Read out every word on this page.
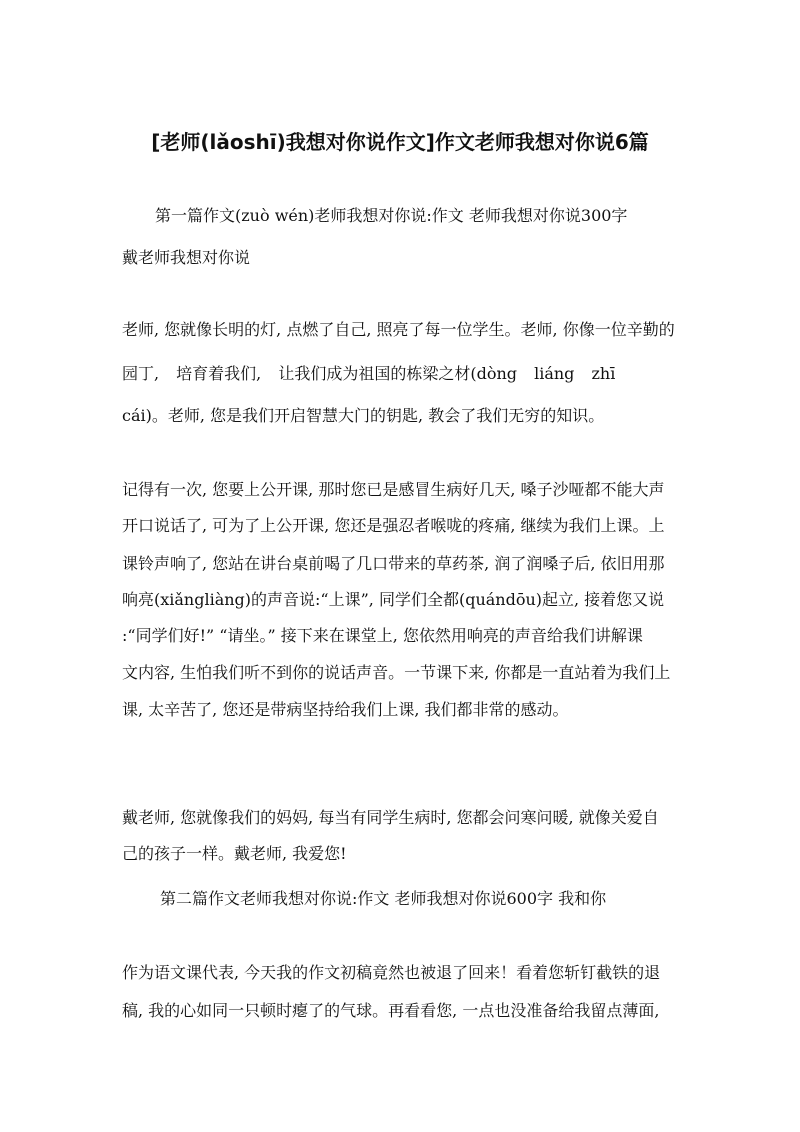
[老师(lǎoshī)我想对你说作文]作文老师我想对你说6篇
第一篇作文(zuò wén)老师我想对你说:作文 老师我想对你说300字
戴老师我想对你说
老师, 您就像长明的灯, 点燃了自己, 照亮了每一位学生。老师, 你像一位辛勤的
园丁, 培育着我们, 让我们成为祖国的栋梁之材(dòng liáng zhī
cái)。老师, 您是我们开启智慧大门的钥匙, 教会了我们无穷的知识。
记得有一次, 您要上公开课, 那时您已是感冒生病好几天, 嗓子沙哑都不能大声
开口说话了, 可为了上公开课, 您还是强忍者喉咙的疼痛, 继续为我们上课。上
课铃声响了, 您站在讲台桌前喝了几口带来的草药茶, 润了润嗓子后, 依旧用那
响亮(xiǎngliàng)的声音说:“上课”, 同学们全都(quándōu)起立, 接着您又说
:“同学们好!” “请坐。” 接下来在课堂上, 您依然用响亮的声音给我们讲解课
文内容, 生怕我们听不到你的说话声音。一节课下来, 你都是一直站着为我们上
课, 太辛苦了, 您还是带病坚持给我们上课, 我们都非常的感动。
戴老师, 您就像我们的妈妈, 每当有同学生病时, 您都会问寒问暖, 就像关爱自
己的孩子一样。戴老师, 我爱您!
第二篇作文老师我想对你说:作文 老师我想对你说600字 我和你
作为语文课代表, 今天我的作文初稿竟然也被退了回来！看着您斩钉截铁的退
稿, 我的心如同一只顿时瘪了的气球。再看看您, 一点也没准备给我留点薄面,
